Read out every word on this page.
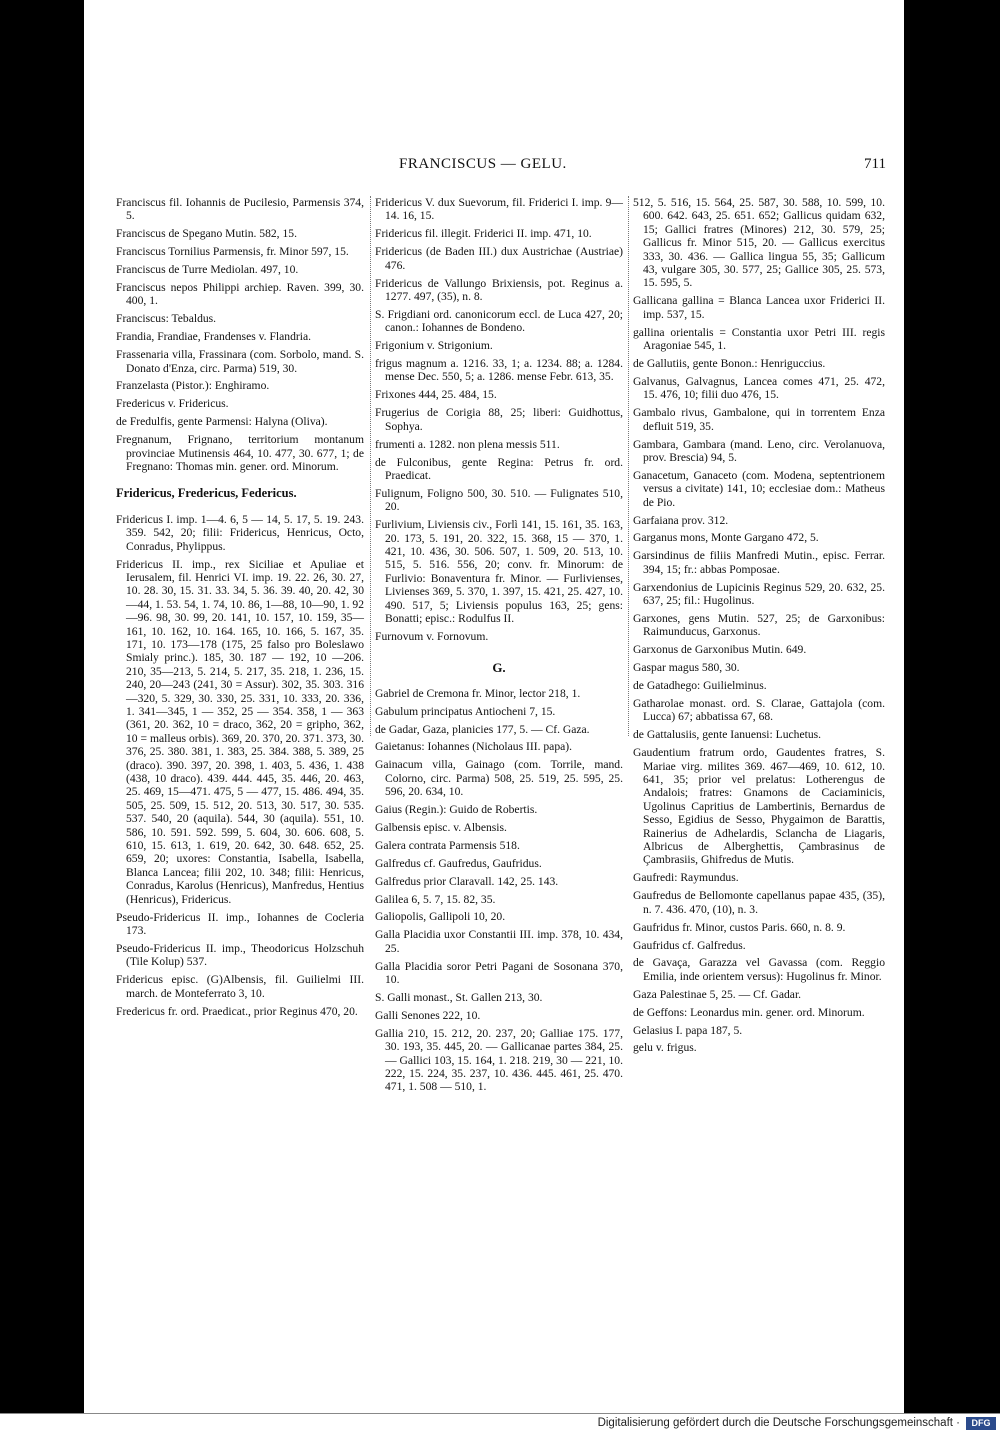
FRANCISCUS — GELU.	711

Franciscus fil. Iohannis de Pucilesio, Parmensis 374, 5.

Franciscus de Spegano Mutin. 582, 15.

Franciscus Tornilius Parmensis, fr. Minor 597, 15.

Franciscus de Turre Mediolan. 497, 10.

Franciscus nepos Philippi archiep. Raven. 399, 30. 400, 1.

Franciscus: Tebaldus.

Frandia, Frandiae, Frandenses v. Flandria.

Frassenaria villa, Frassinara (com. Sorbolo, mand. S. Donato d'Enza, circ. Parma) 519, 30.

Franzelasta (Pistor.): Enghiramo.

Fredericus v. Fridericus.

de Fredulfis, gente Parmensi: Halyna (Oliva).

Fregnanum, Frignano, territorium montanum provinciae Mutinensis 464, 10. 477, 30. 677, 1; de Fregnano: Thomas min. gener. ord. Minorum.

Fridericus, Fredericus, Federicus.

Fridericus I. imp. 1—4. 6, 5 — 14, 5. 17, 5. 19. 243. 359. 542, 20; filii: Fridericus, Henricus, Octo, Conradus, Phylippus.

Fridericus II. imp., rex Siciliae et Apuliae et Ierusalem, fil. Henrici VI. imp. 19. 22. 26, 30. 27, 10. 28. 30, 15. 31. 33. 34, 5. 36. 39. 40, 20. 42, 30—44, 1. 53. 54, 1. 74, 10. 86, 1—88, 10—90, 1. 92—96. 98, 30. 99, 20. 141, 10. 157, 10. 159, 35—161, 10. 162, 10. 164. 165, 10. 166, 5. 167, 35. 171, 10. 173—178 (175, 25 falso pro Boleslawo Smialy princ.). 185, 30. 187 — 192, 10 —206. 210, 35—213, 5. 214, 5. 217, 35. 218, 1. 236, 15. 240, 20—243 (241, 30 = Assur). 302, 35. 303. 316—320, 5. 329, 30. 330, 25. 331, 10. 333, 20. 336, 1. 341—345, 1 — 352, 25 — 354. 358, 1 — 363 (361, 20. 362, 10 = draco, 362, 20 = gripho, 362, 10 = malleus orbis). 369, 20. 370, 20. 371. 373, 30. 376, 25. 380. 381, 1. 383, 25. 384. 388, 5. 389, 25 (draco). 390. 397, 20. 398, 1. 403, 5. 436, 1. 438 (438, 10 draco). 439. 444. 445, 35. 446, 20. 463, 25. 469, 15—471. 475, 5 — 477, 15. 486. 494, 35. 505, 25. 509, 15. 512, 20. 513, 30. 517, 30. 535. 537. 540, 20 (aquila). 544, 30 (aquila). 551, 10. 586, 10. 591. 592. 599, 5. 604, 30. 606. 608, 5. 610, 15. 613, 1. 619, 20. 642, 30. 648. 652, 25. 659, 20; uxores: Constantia, Isabella, Isabella, Blanca Lancea; filii 202, 10. 348; filii: Henricus, Conradus, Karolus (Henricus), Manfredus, Hentius (Henricus), Fridericus.

Pseudo-Fridericus II. imp., Iohannes de Cocleria 173.

Pseudo-Fridericus II. imp., Theodoricus Holzschuh (Tile Kolup) 537.

Fridericus episc. (G)Albensis, fil. Guilielmi III. march. de Monteferrato 3, 10.

Fredericus fr. ord. Praedicat., prior Reginus 470, 20.

Fridericus V. dux Suevorum, fil. Friderici I. imp. 9—14. 16, 15.

Fridericus fil. illegit. Friderici II. imp. 471, 10.

Fridericus (de Baden III.) dux Austrichae (Austriae) 476.

Fridericus de Vallungo Brixiensis, pot. Reginus a. 1277. 497, (35), n. 8.

S. Frigdiani ord. canonicorum eccl. de Luca 427, 20; canon.: Iohannes de Bondeno.

Frigonium v. Strigonium.

frigus magnum a. 1216. 33, 1; a. 1234. 88; a. 1284. mense Dec. 550, 5; a. 1286. mense Febr. 613, 35.

Frixones 444, 25. 484, 15.

Frugerius de Corigia 88, 25; liberi: Guidhottus, Sophya.

frumenti a. 1282. non plena messis 511.

de Fulconibus, gente Regina: Petrus fr. ord. Praedicat.

Fulignum, Foligno 500, 30. 510. — Fulignates 510, 20.

Furlivium, Liviensis civ., Forlì 141, 15. 161, 35. 163, 20. 173, 5. 191, 20. 322, 15. 368, 15 — 370, 1. 421, 10. 436, 30. 506. 507, 1. 509, 20. 513, 10. 515, 5. 516. 556, 20; conv. fr. Minorum: de Furlivio: Bonaventura fr. Minor. — Furlivienses, Livienses 369, 5. 370, 1. 397, 15. 421, 25. 427, 10. 490. 517, 5; Liviensis populus 163, 25; gens: Bonatti; episc.: Rodulfus II.

Furnovum v. Fornovum.

G.

Gabriel de Cremona fr. Minor, lector 218, 1.

Gabulum principatus Antiocheni 7, 15.

de Gadar, Gaza, planicies 177, 5. — Cf. Gaza.

Gaietanus: Iohannes (Nicholaus III. papa).

Gainacum villa, Gainago (com. Torrile, mand. Colorno, circ. Parma) 508, 25. 519, 25. 595, 25. 596, 20. 634, 10.

Gaius (Regin.): Guido de Robertis.

Galbensis episc. v. Albensis.

Galera contrata Parmensis 518.

Galfredus cf. Gaufredus, Gaufridus.

Galfredus prior Claravall. 142, 25. 143.

Galilea 6, 5. 7, 15. 82, 35.

Galiopolis, Gallipoli 10, 20.

Galla Placidia uxor Constantii III. imp. 378, 10. 434, 25.

Galla Placidia soror Petri Pagani de Sosonana 370, 10.

S. Galli monast., St. Gallen 213, 30.

Galli Senones 222, 10.

Gallia 210, 15. 212, 20. 237, 20; Galliae 175. 177, 30. 193, 35. 445, 20. — Gallicanae partes 384, 25. — Gallici 103, 15. 164, 1. 218. 219, 30 — 221, 10. 222, 15. 224, 35. 237, 10. 436. 445. 461, 25. 470. 471, 1. 508 — 510, 1.

512, 5. 516, 15. 564, 25. 587, 30. 588, 10. 599, 10. 600. 642. 643, 25. 651. 652; Gallicus quidam 632, 15; Gallici fratres (Minores) 212, 30. 579, 25; Gallicus fr. Minor 515, 20. — Gallicus exercitus 333, 30. 436. — Gallica lingua 55, 35; Gallicum 43, vulgare 305, 30. 577, 25; Gallice 305, 25. 573, 15. 595, 5.

Gallicana gallina = Blanca Lancea uxor Friderici II. imp. 537, 15.

gallina orientalis = Constantia uxor Petri III. regis Aragoniae 545, 1.

de Gallutiis, gente Bonon.: Henriguccius.

Galvanus, Galvagnus, Lancea comes 471, 25. 472, 15. 476, 10; filii duo 476, 15.

Gambalo rivus, Gambalone, qui in torrentem Enza defluit 519, 35.

Gambara, Gambara (mand. Leno, circ. Verolanuova, prov. Brescia) 94, 5.

Ganacetum, Ganaceto (com. Modena, septentrionem versus a civitate) 141, 10; ecclesiae dom.: Matheus de Pio.

Garfaiana prov. 312.

Garganus mons, Monte Gargano 472, 5.

Garsindinus de filiis Manfredi Mutin., episc. Ferrar. 394, 15; fr.: abbas Pomposae.

Garxendonius de Lupicinis Reginus 529, 20. 632, 25. 637, 25; fil.: Hugolinus.

Garxones, gens Mutin. 527, 25; de Garxonibus: Raimunducus, Garxonus.

Garxonus de Garxonibus Mutin. 649.

Gaspar magus 580, 30.

de Gatadhego: Guilielminus.

Gatharolae monast. ord. S. Clarae, Gattajola (com. Lucca) 67; abbatissa 67, 68.

de Gattalusiis, gente Ianuensi: Luchetus.

Gaudentium fratrum ordo, Gaudentes fratres, S. Mariae virg. milites 369. 467—469, 10. 612, 10. 641, 35; prior vel prelatus: Lotherengus de Andalois; fratres: Gnamons de Caciaminicis, Ugolinus Capritius de Lambertinis, Bernardus de Sesso, Egidius de Sesso, Phygaimon de Barattis, Rainerius de Adhelardis, Sclancha de Liagaris, Albricus de Alberghettis, Çambrasinus de Çambrasiis, Ghifredus de Mutis.

Gaufredi: Raymundus.

Gaufredus de Bellomonte capellanus papae 435, (35), n. 7. 436. 470, (10), n. 3.

Gaufridus fr. Minor, custos Paris. 660, n. 8. 9.

Gaufridus cf. Galfredus.

de Gavaça, Garazza vel Gavassa (com. Reggio Emilia, inde orientem versus): Hugolinus fr. Minor.

Gaza Palestinae 5, 25. — Cf. Gadar.

de Geffons: Leonardus min. gener. ord. Minorum.

Gelasius I. papa 187, 5.

gelu v. frigus.

Digitalisierung gefördert durch die Deutsche Forschungsgemeinschaft ·	DFG
